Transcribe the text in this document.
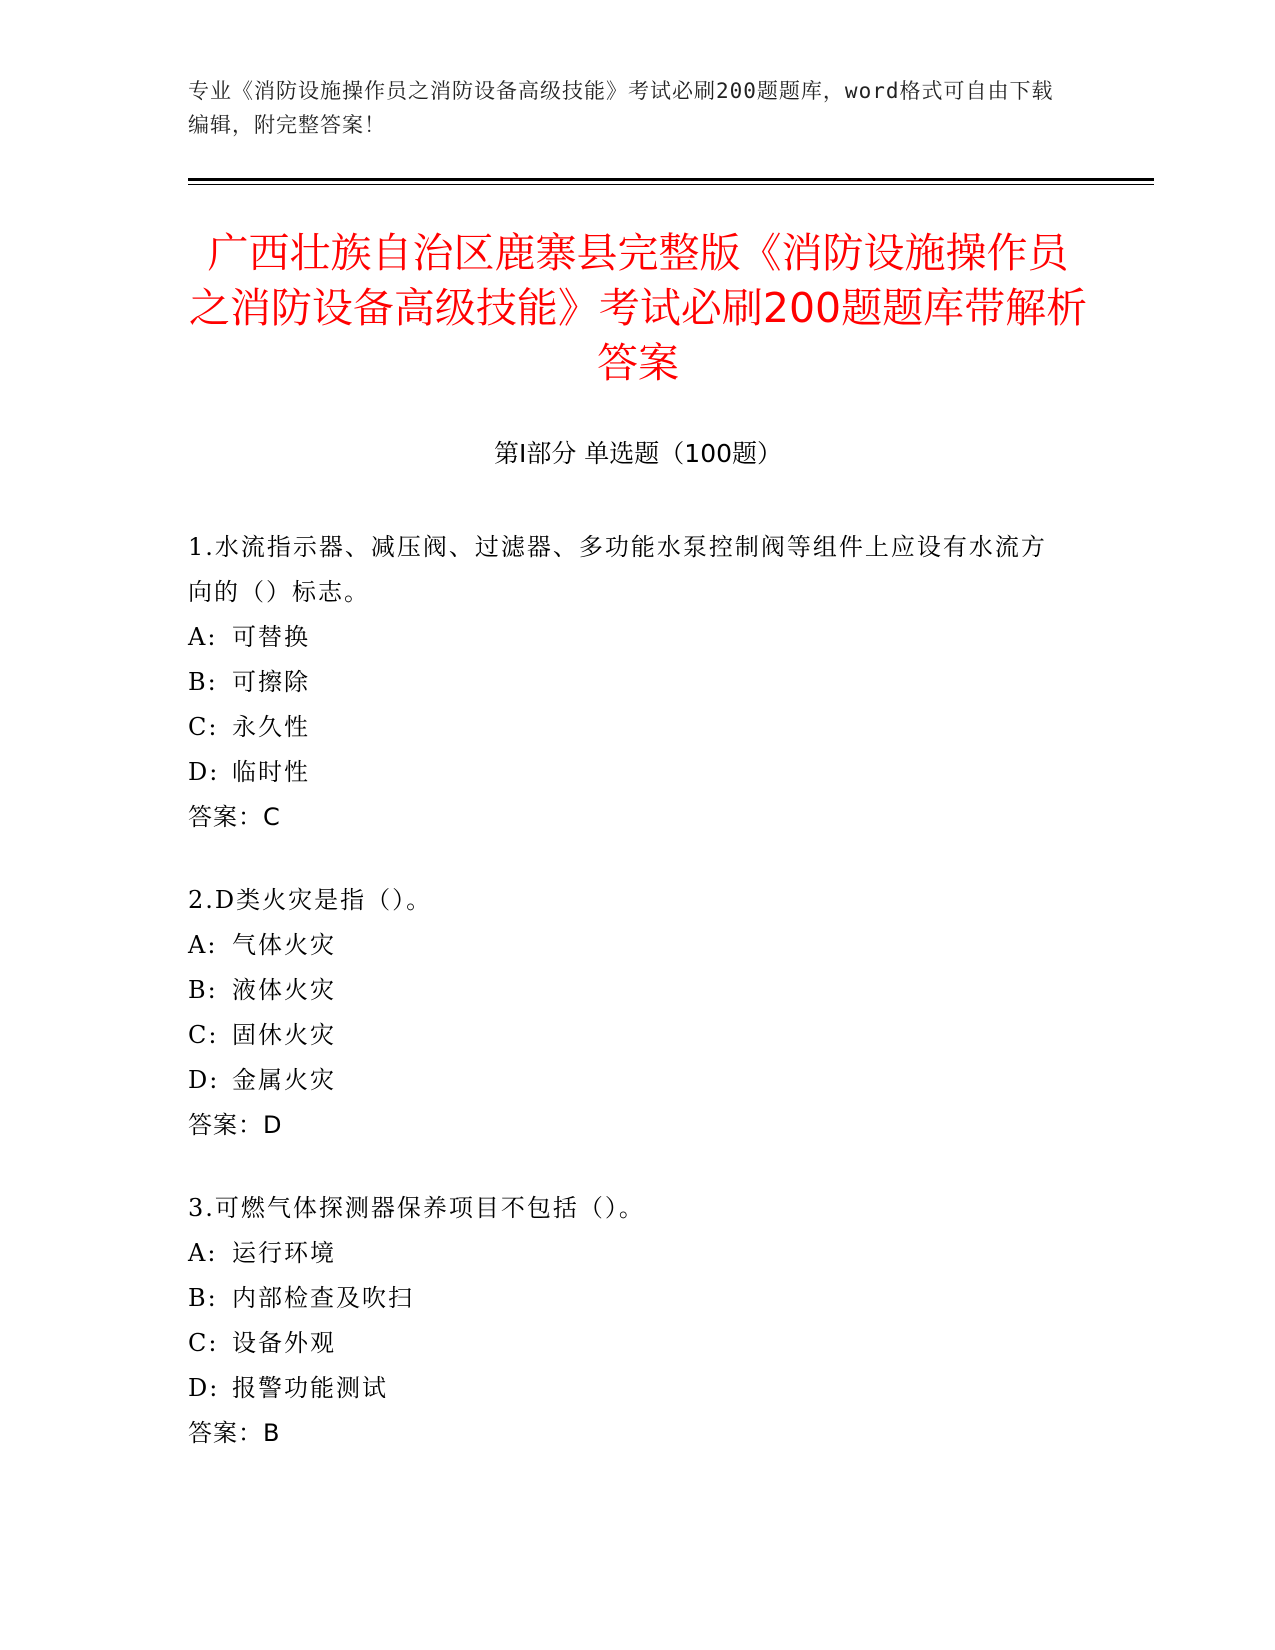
专业《消防设施操作员之消防设备高级技能》考试必刷200题题库，word格式可自由下载编辑，附完整答案！
广西壮族自治区鹿寨县完整版《消防设施操作员之消防设备高级技能》考试必刷200题题库带解析答案
第I部分 单选题（100题）

1.水流指示器、减压阀、过滤器、多功能水泵控制阀等组件上应设有水流方向的（）标志。

A: 可替换
B: 可擦除
C: 永久性
D: 临时性
答案：C

2.D类火灾是指（）。

A: 气体火灾
B: 液体火灾
C: 固休火灾
D: 金属火灾
答案：D

3.可燃气体探测器保养项目不包括（）。

A: 运行环境
B: 内部检查及吹扫
C: 设备外观
D: 报警功能测试
答案：B
